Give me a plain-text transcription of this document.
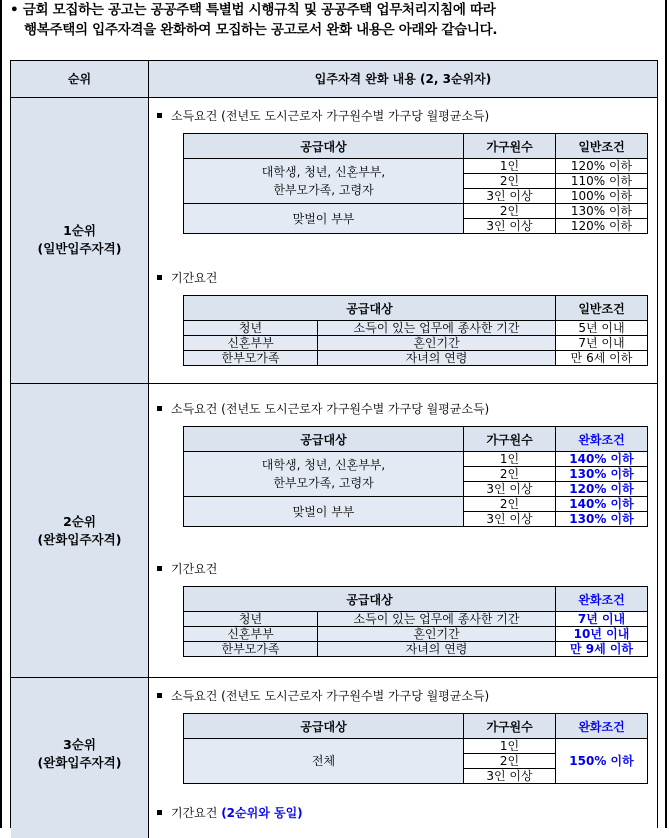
• 금회 모집하는 공고는 공공주택 특별법 시행규칙 및 공공주택 업무처리지침에 따라
행복주택의 입주자격을 완화하여 모집하는 공고로서 완화 내용은 아래와 같습니다.
순위	입주자격 완화 내용 (2, 3순위자)
1순위
(일반입주자격)
소득요건 (전년도 도시근로자 가구원수별 가구당 월평균소득)
공급대상	가구원수	일반조건
대학생, 청년, 신혼부부,
한부모가족, 고령자	1인	120% 이하
	2인	110% 이하
	3인 이상	100% 이하
맞벌이 부부	2인	130% 이하
	3인 이상	120% 이하
기간요건
공급대상		일반조건
청년	소득이 있는 업무에 종사한 기간	5년 이내
신혼부부	혼인기간	7년 이내
한부모가족	자녀의 연령	만 6세 이하
2순위
(완화입주자격)
소득요건 (전년도 도시근로자 가구원수별 가구당 월평균소득)
공급대상	가구원수	완화조건
대학생, 청년, 신혼부부,
한부모가족, 고령자	1인	140% 이하
	2인	130% 이하
	3인 이상	120% 이하
맞벌이 부부	2인	140% 이하
	3인 이상	130% 이하
기간요건
공급대상		완화조건
청년	소득이 있는 업무에 종사한 기간	7년 이내
신혼부부	혼인기간	10년 이내
한부모가족	자녀의 연령	만 9세 이하
3순위
(완화입주자격)
소득요건 (전년도 도시근로자 가구원수별 가구당 월평균소득)
공급대상	가구원수	완화조건
전체	1인	150% 이하
	2인	
	3인 이상	
기간요건 (2순위와 동일)
